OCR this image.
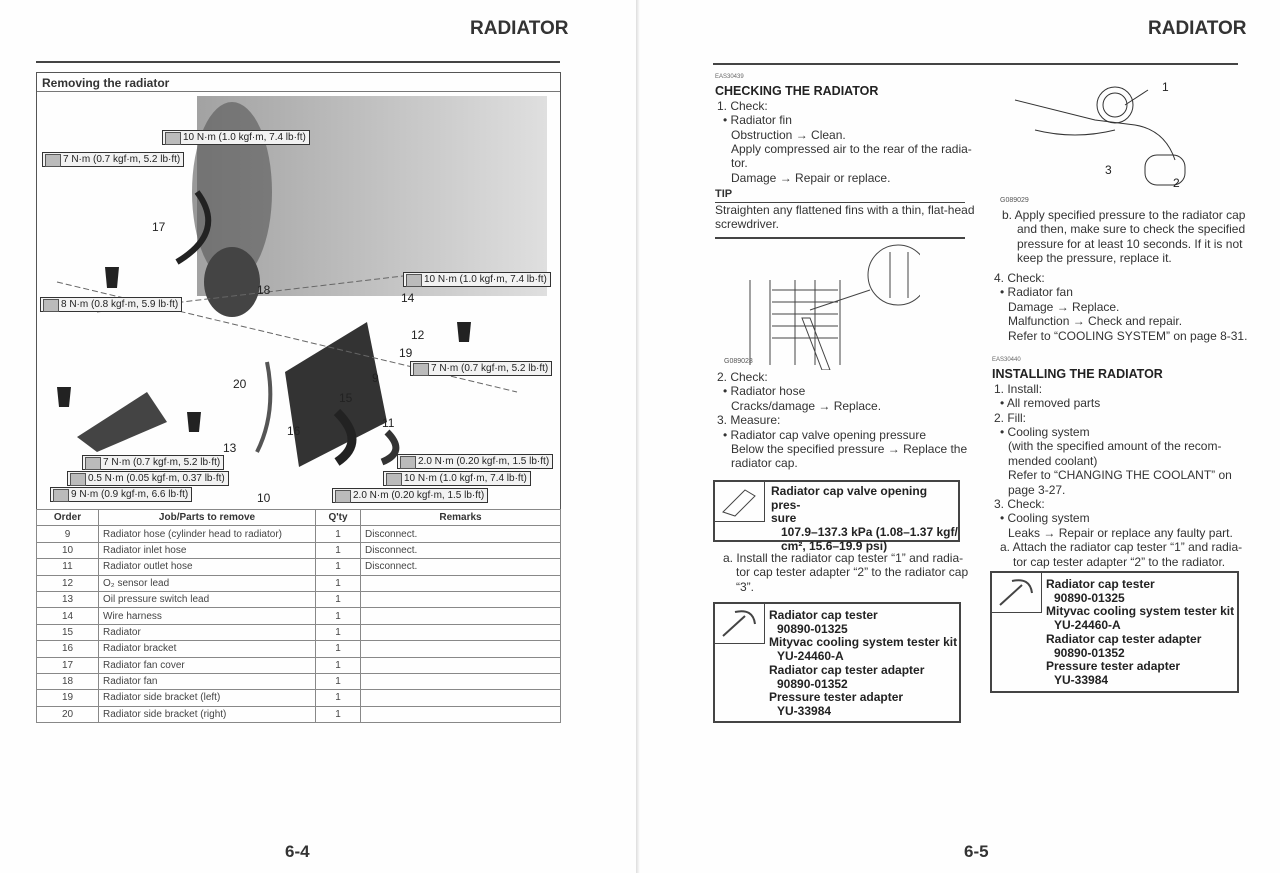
RADIATOR
Removing the radiator
10 N·m (1.0 kgf·m, 7.4 lb·ft)
7 N·m (0.7 kgf·m, 5.2 lb·ft)
10 N·m (1.0 kgf·m, 7.4 lb·ft)
8 N·m (0.8 kgf·m, 5.9 lb·ft)
7 N·m (0.7 kgf·m, 5.2 lb·ft)
7 N·m (0.7 kgf·m, 5.2 lb·ft)	2.0 N·m (0.20 kgf·m, 1.5 lb·ft)
0.5 N·m (0.05 kgf·m, 0.37 lb·ft)	10 N·m (1.0 kgf·m, 7.4 lb·ft)
9 N·m (0.9 kgf·m, 6.6 lb·ft)	2.0 N·m (0.20 kgf·m, 1.5 lb·ft)
17
18
14
12
19
9
20
15
11
16
13
10
Order	Job/Parts to remove	Q'ty	Remarks
9	Radiator hose (cylinder head to radiator)	1	Disconnect.
10	Radiator inlet hose	1	Disconnect.
11	Radiator outlet hose	1	Disconnect.
12	O₂ sensor lead	1	
13	Oil pressure switch lead	1	
14	Wire harness	1	
15	Radiator	1	
16	Radiator bracket	1	
17	Radiator fan cover	1	
18	Radiator fan	1	
19	Radiator side bracket (left)	1	
20	Radiator side bracket (right)	1	
6-4
RADIATOR
EAS30439
CHECKING THE RADIATOR

1. Check:

• Radiator fin

Obstruction → Clean.

Apply compressed air to the rear of the radia-

tor.

Damage → Repair or replace.

TIP

Straighten any flattened fins with a thin, flat-head

screwdriver.

G089028

2. Check:

• Radiator hose

Cracks/damage → Replace.

3. Measure:

• Radiator cap valve opening pressure

Below the specified pressure → Replace the

radiator cap.

Radiator cap valve opening pres-

sure

107.9–137.3 kPa (1.08–1.37 kgf/

cm², 15.6–19.9 psi)

a. Install the radiator cap tester “1” and radia-

tor cap tester adapter “2” to the radiator cap

“3”.

Radiator cap tester

90890-01325

Mityvac cooling system tester kit

YU-24460-A

Radiator cap tester adapter

90890-01352

Pressure tester adapter

YU-33984

1
2
3
G089029

b. Apply specified pressure to the radiator cap

and then, make sure to check the specified

pressure for at least 10 seconds. If it is not

keep the pressure, replace it.

4. Check:

• Radiator fan

Damage → Replace.

Malfunction → Check and repair.

Refer to “COOLING SYSTEM” on page 8-31.

EAS30440
INSTALLING THE RADIATOR

1. Install:

• All removed parts

2. Fill:

• Cooling system

(with the specified amount of the recom-

mended coolant)

Refer to “CHANGING THE COOLANT” on

page 3-27.

3. Check:

• Cooling system

Leaks → Repair or replace any faulty part.

a. Attach the radiator cap tester “1” and radia-

tor cap tester adapter “2” to the radiator.

Radiator cap tester

90890-01325

Mityvac cooling system tester kit

YU-24460-A

Radiator cap tester adapter

90890-01352

Pressure tester adapter

YU-33984

6-5
